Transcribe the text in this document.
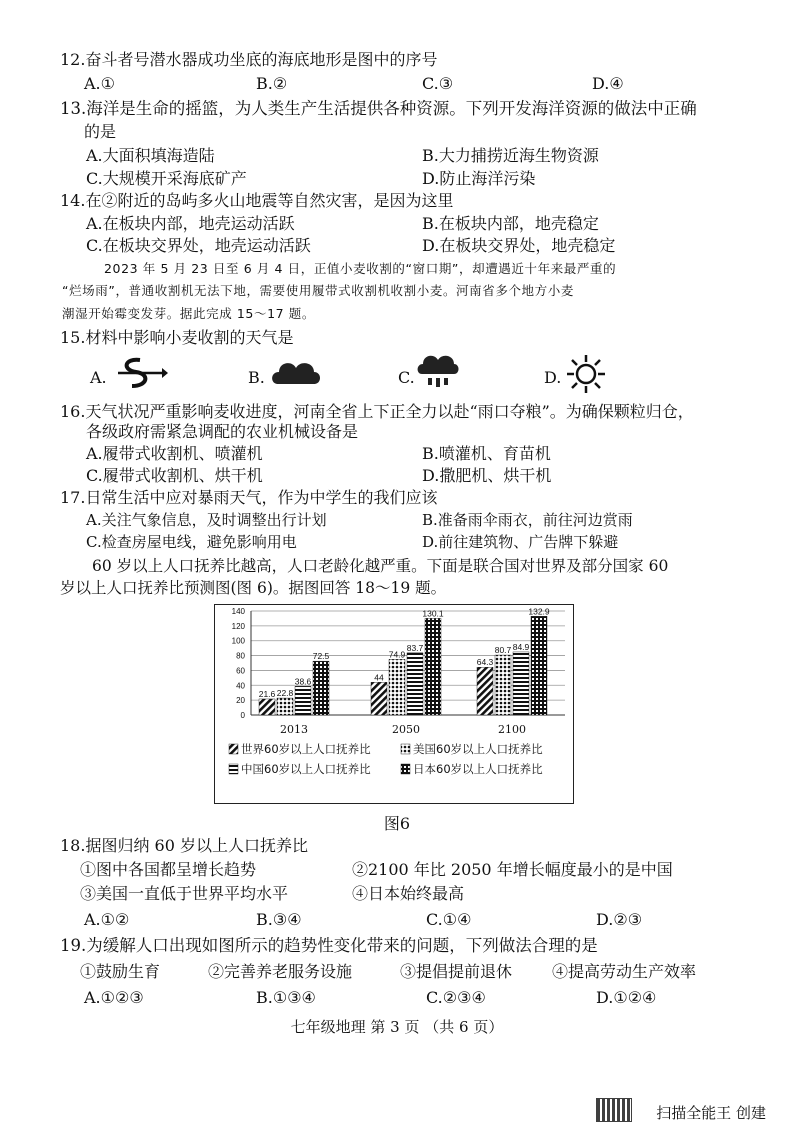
12.奋斗者号潜水器成功坐底的海底地形是图中的序号
A.①	B.②	C.③	D.④
13.海洋是生命的摇篮，为人类生产生活提供各种资源。下列开发海洋资源的做法中正确
的是
A.大面积填海造陆	B.大力捕捞近海生物资源
C.大规模开采海底矿产	D.防止海洋污染
14.在②附近的岛屿多火山地震等自然灾害，是因为这里
A.在板块内部，地壳运动活跃	B.在板块内部，地壳稳定
C.在板块交界处，地壳运动活跃	D.在板块交界处，地壳稳定
2023 年 5 月 23 日至 6 月 4 日，正值小麦收割的“窗口期”，却遭遇近十年来最严重的
“烂场雨”，普通收割机无法下地，需要使用履带式收割机收割小麦。河南省多个地方小麦
潮湿开始霉变发芽。据此完成 15～17 题。
15.材料中影响小麦收割的天气是
A.	B.	C.	D.
16.天气状况严重影响麦收进度，河南全省上下正全力以赴“雨口夺粮”。为确保颗粒归仓，
各级政府需紧急调配的农业机械设备是
A.履带式收割机、喷灌机	B.喷灌机、育苗机
C.履带式收割机、烘干机	D.撒肥机、烘干机
17.日常生活中应对暴雨天气，作为中学生的我们应该
A.关注气象信息，及时调整出行计划	B.准备雨伞雨衣，前往河边赏雨
C.检查房屋电线，避免影响用电	D.前往建筑物、广告牌下躲避
60 岁以上人口抚养比越高，人口老龄化越严重。下面是联合国对世界及部分国家 60
岁以上人口抚养比预测图(图 6)。据图回答 18～19 题。
0
20
40
60
80
100
120
140
2013	2050	2100
21.6 22.8
38.6
72.5
44
74.9
83.7
130.1
64.3
80.7 84.9
132.9
世界60岁以上人口抚养比	美国60岁以上人口抚养比
中国60岁以上人口抚养比	日本60岁以上人口抚养比
图6
18.据图归纳 60 岁以上人口抚养比
①图中各国都呈增长趋势	②2100 年比 2050 年增长幅度最小的是中国
③美国一直低于世界平均水平	④日本始终最高
A.①②	B.③④	C.①④	D.②③
19.为缓解人口出现如图所示的趋势性变化带来的问题，下列做法合理的是
①鼓励生育	②完善养老服务设施	③提倡提前退休 ④提高劳动生产效率
A.①②③	B.①③④	C.②③④	D.①②④
七年级地理 第 3 页 （共 6 页）
扫描全能王 创建
